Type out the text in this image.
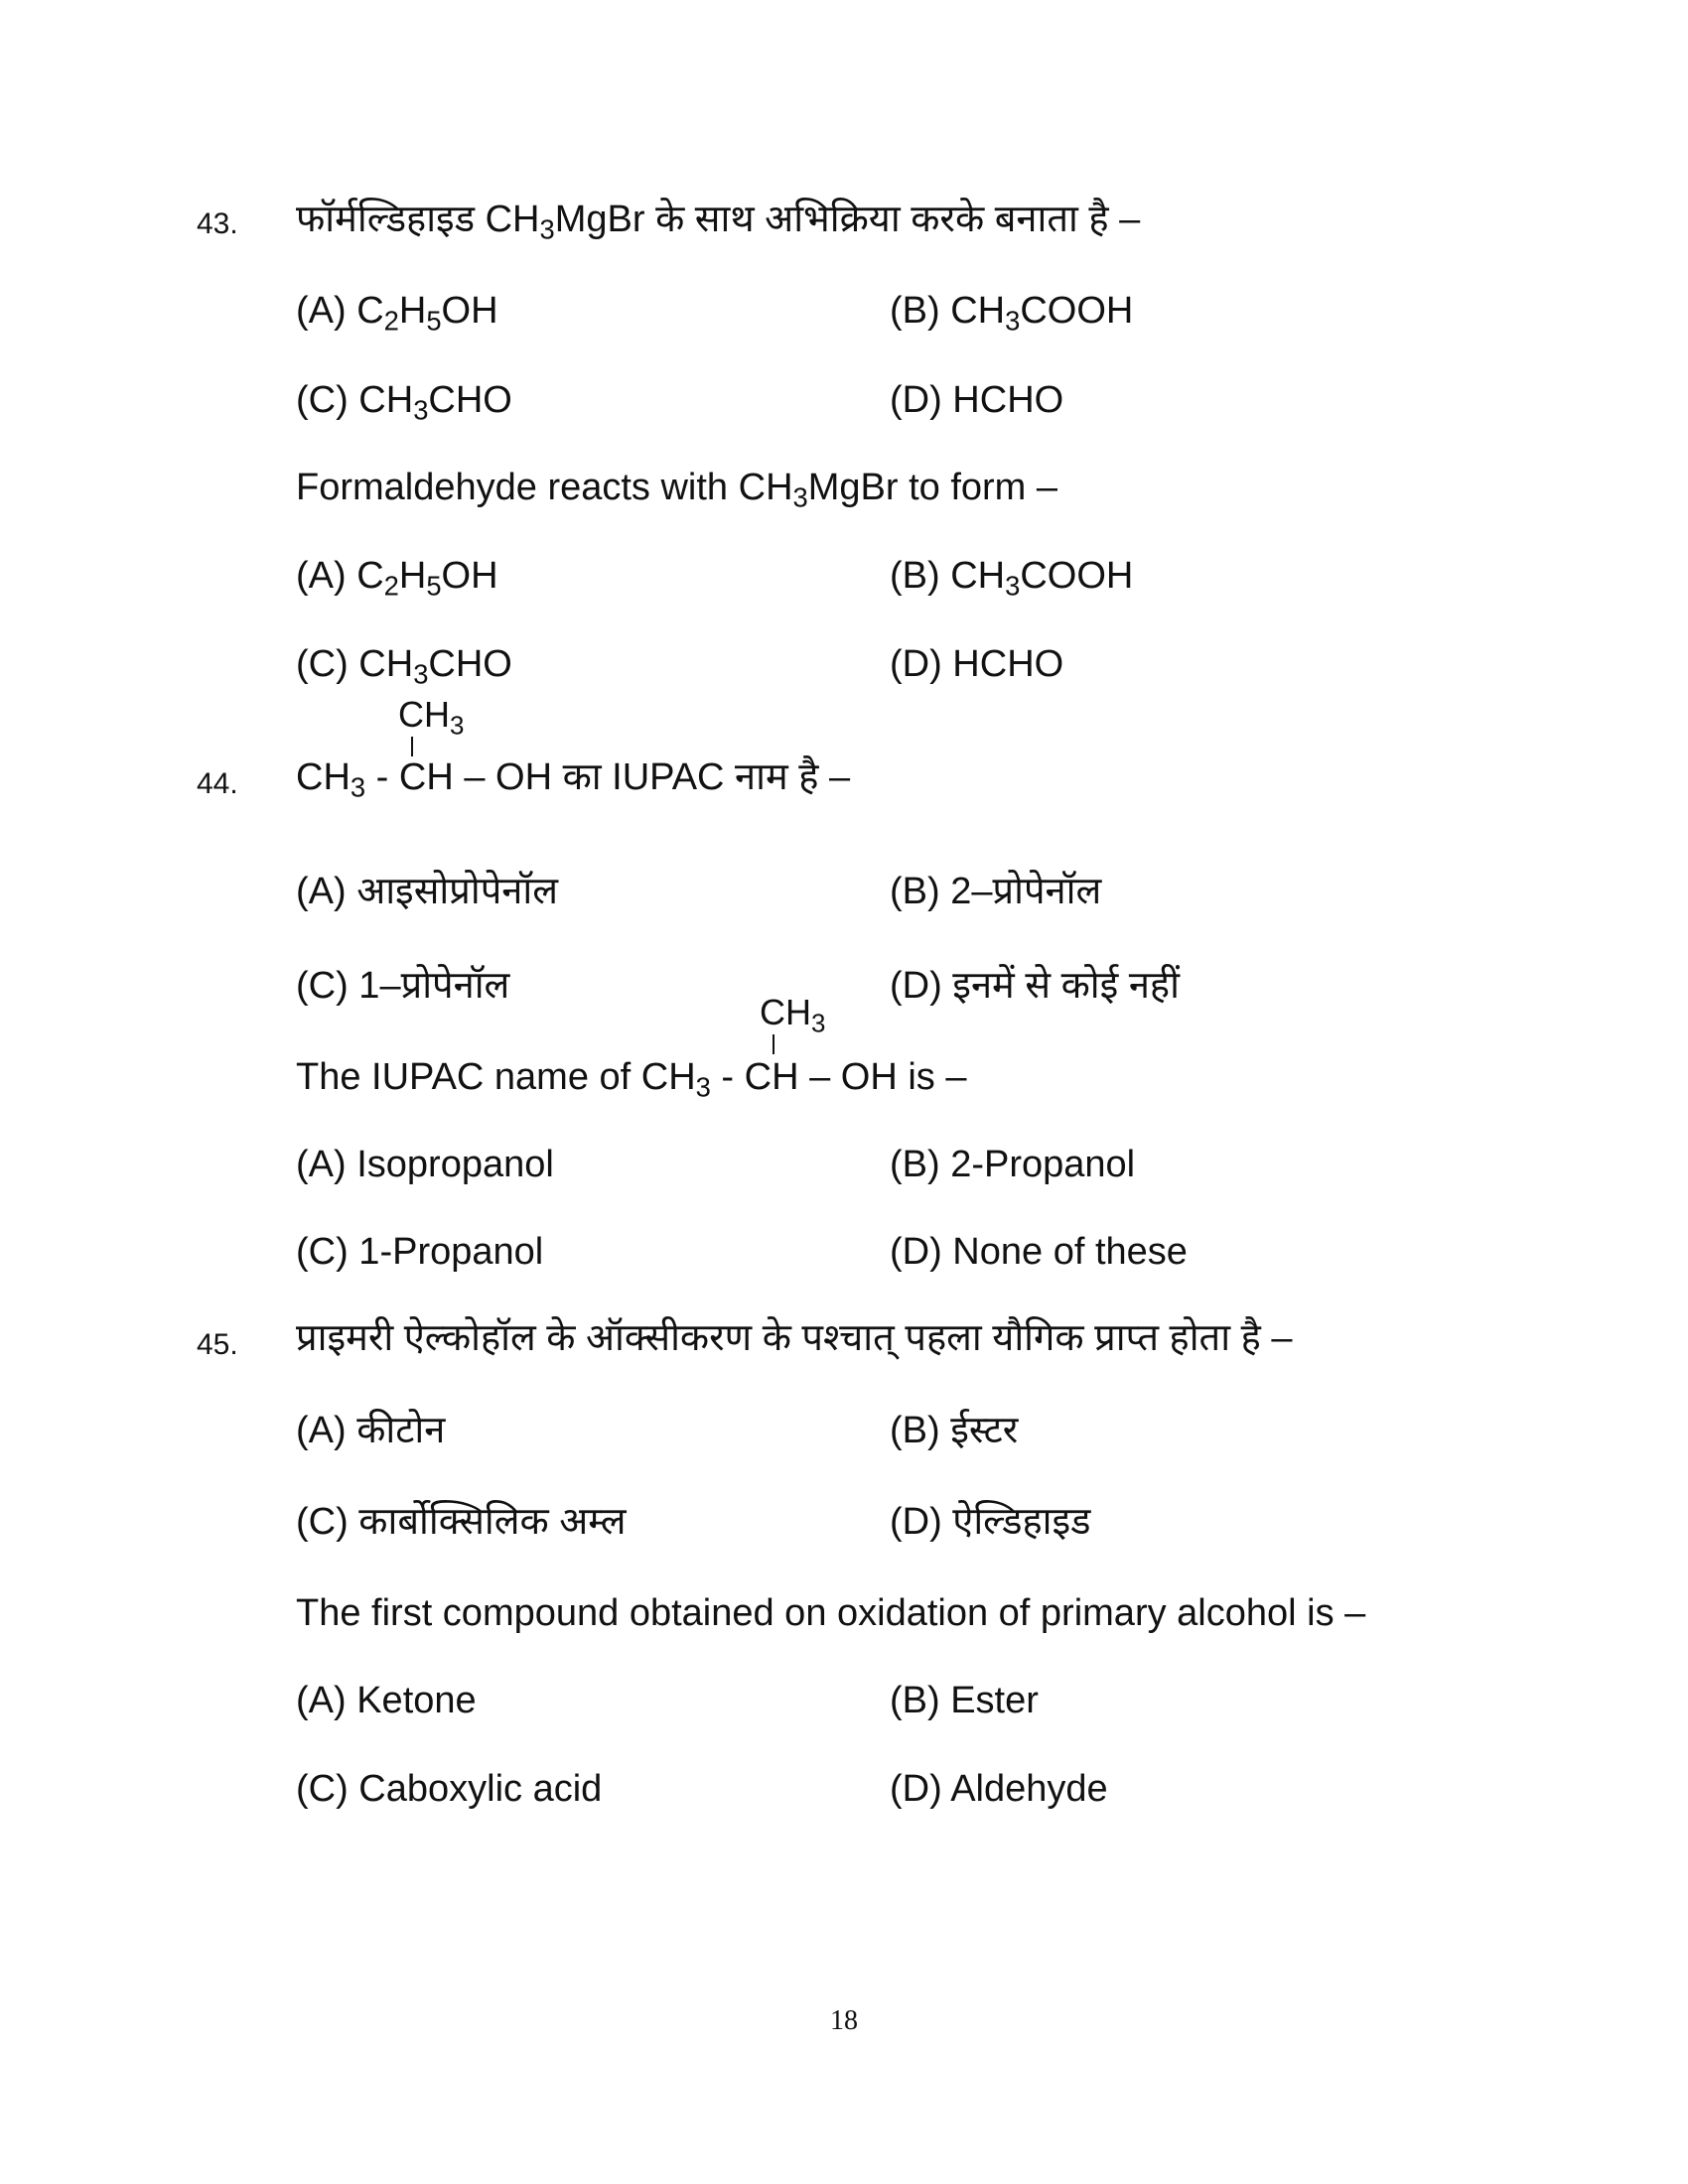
43. फॉर्मल्डिहाइड $CH_3MgBr$ के साथ अभिक्रिया करके बनाता है –
(A) $C_2H_5OH$	(B) $CH_3COOH$
(C) $CH_3CHO$	(D) HCHO
Formaldehyde reacts with $CH_3MgBr$ to form –
(A) $C_2H_5OH$	(B) $CH_3COOH$
(C) $CH_3CHO$	(D) HCHO
$CH_3$
44. $CH_3$ - CH – OH का IUPAC नाम है –
(A) आइसोप्रोपेनॉल	(B) 2–प्रोपेनॉल
(C) 1–प्रोपेनॉल	(D) इनमें से कोई नहीं
$CH_3$
The IUPAC name of $CH_3$ - CH – OH is –
(A) Isopropanol	(B) 2-Propanol
(C) 1-Propanol	(D) None of these
45. प्राइमरी ऐल्कोहॉल के ऑक्सीकरण के पश्चात् पहला यौगिक प्राप्त होता है –
(A) कीटोन	(B) ईस्टर
(C) कार्बोक्सिलिक अम्ल	(D) ऐल्डिहाइड
The first compound obtained on oxidation of primary alcohol is –
(A) Ketone	(B) Ester
(C) Caboxylic acid	(D) Aldehyde
18
